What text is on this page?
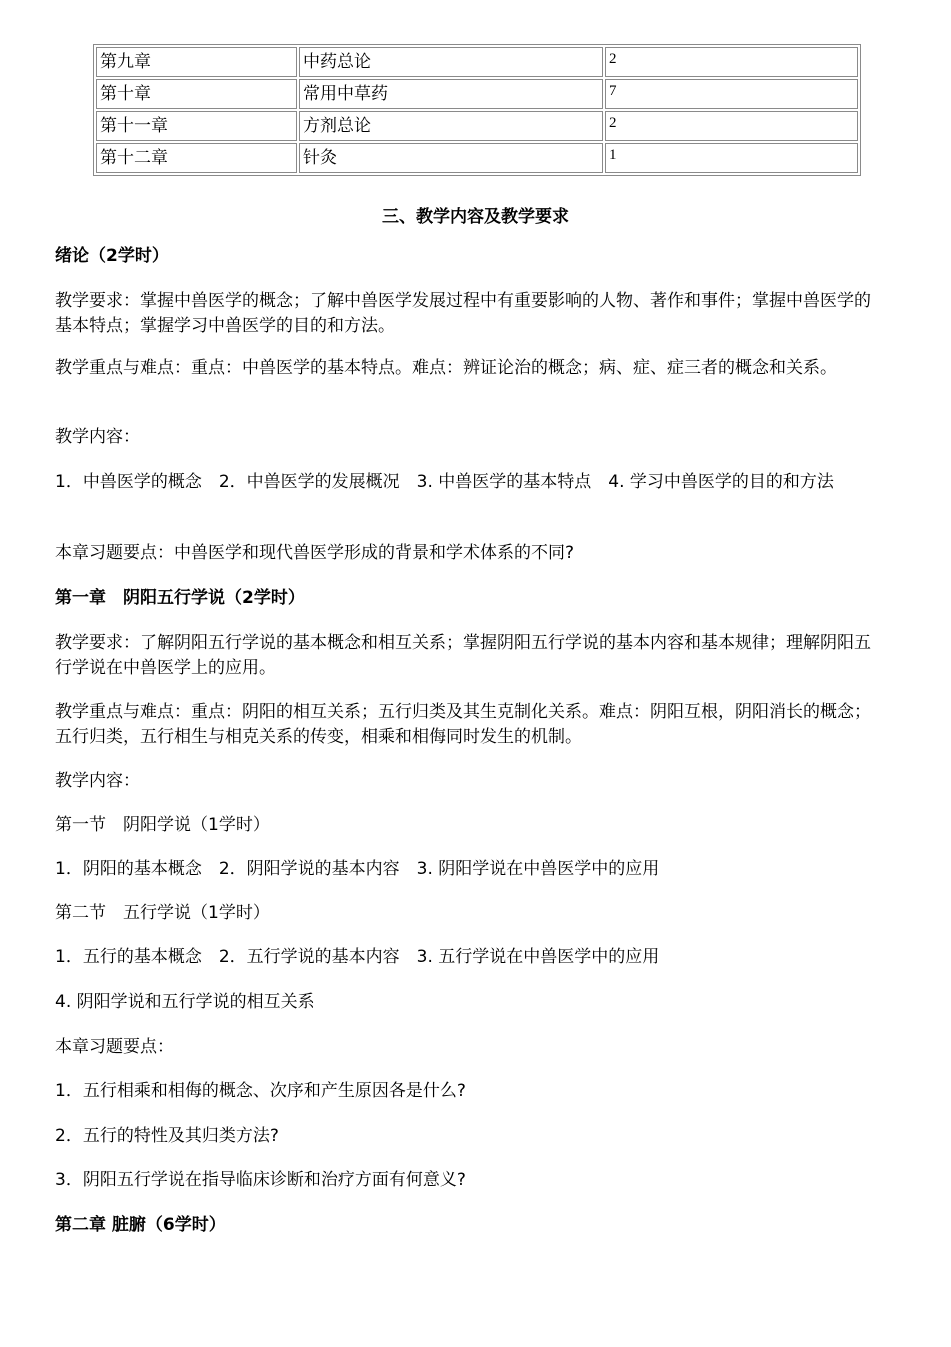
第九章	中药总论	2
第十章	常用中草药	7
第十一章	方剂总论	2
第十二章	针灸	1
三、教学内容及教学要求

绪论（2学时）

教学要求：掌握中兽医学的概念；了解中兽医学发展过程中有重要影响的人物、著作和事件；掌握中兽医学的基本特点；掌握学习中兽医学的目的和方法。

教学重点与难点：重点：中兽医学的基本特点。难点：辨证论治的概念；病、症、症三者的概念和关系。

教学内容：

1．中兽医学的概念　2．中兽医学的发展概况　3. 中兽医学的基本特点　4. 学习中兽医学的目的和方法

本章习题要点：中兽医学和现代兽医学形成的背景和学术体系的不同?

第一章　阴阳五行学说（2学时）

教学要求：了解阴阳五行学说的基本概念和相互关系；掌握阴阳五行学说的基本内容和基本规律；理解阴阳五行学说在中兽医学上的应用。

教学重点与难点：重点：阴阳的相互关系；五行归类及其生克制化关系。难点：阴阳互根，阴阳消长的概念；五行归类，五行相生与相克关系的传变，相乘和相侮同时发生的机制。

教学内容：

第一节　阴阳学说（1学时）

1．阴阳的基本概念　2．阴阳学说的基本内容　3. 阴阳学说在中兽医学中的应用

第二节　五行学说（1学时）

1．五行的基本概念　2．五行学说的基本内容　3. 五行学说在中兽医学中的应用

4. 阴阳学说和五行学说的相互关系

本章习题要点：

1．五行相乘和相侮的概念、次序和产生原因各是什么?

2．五行的特性及其归类方法?

3．阴阳五行学说在指导临床诊断和治疗方面有何意义?

第二章 脏腑（6学时）
